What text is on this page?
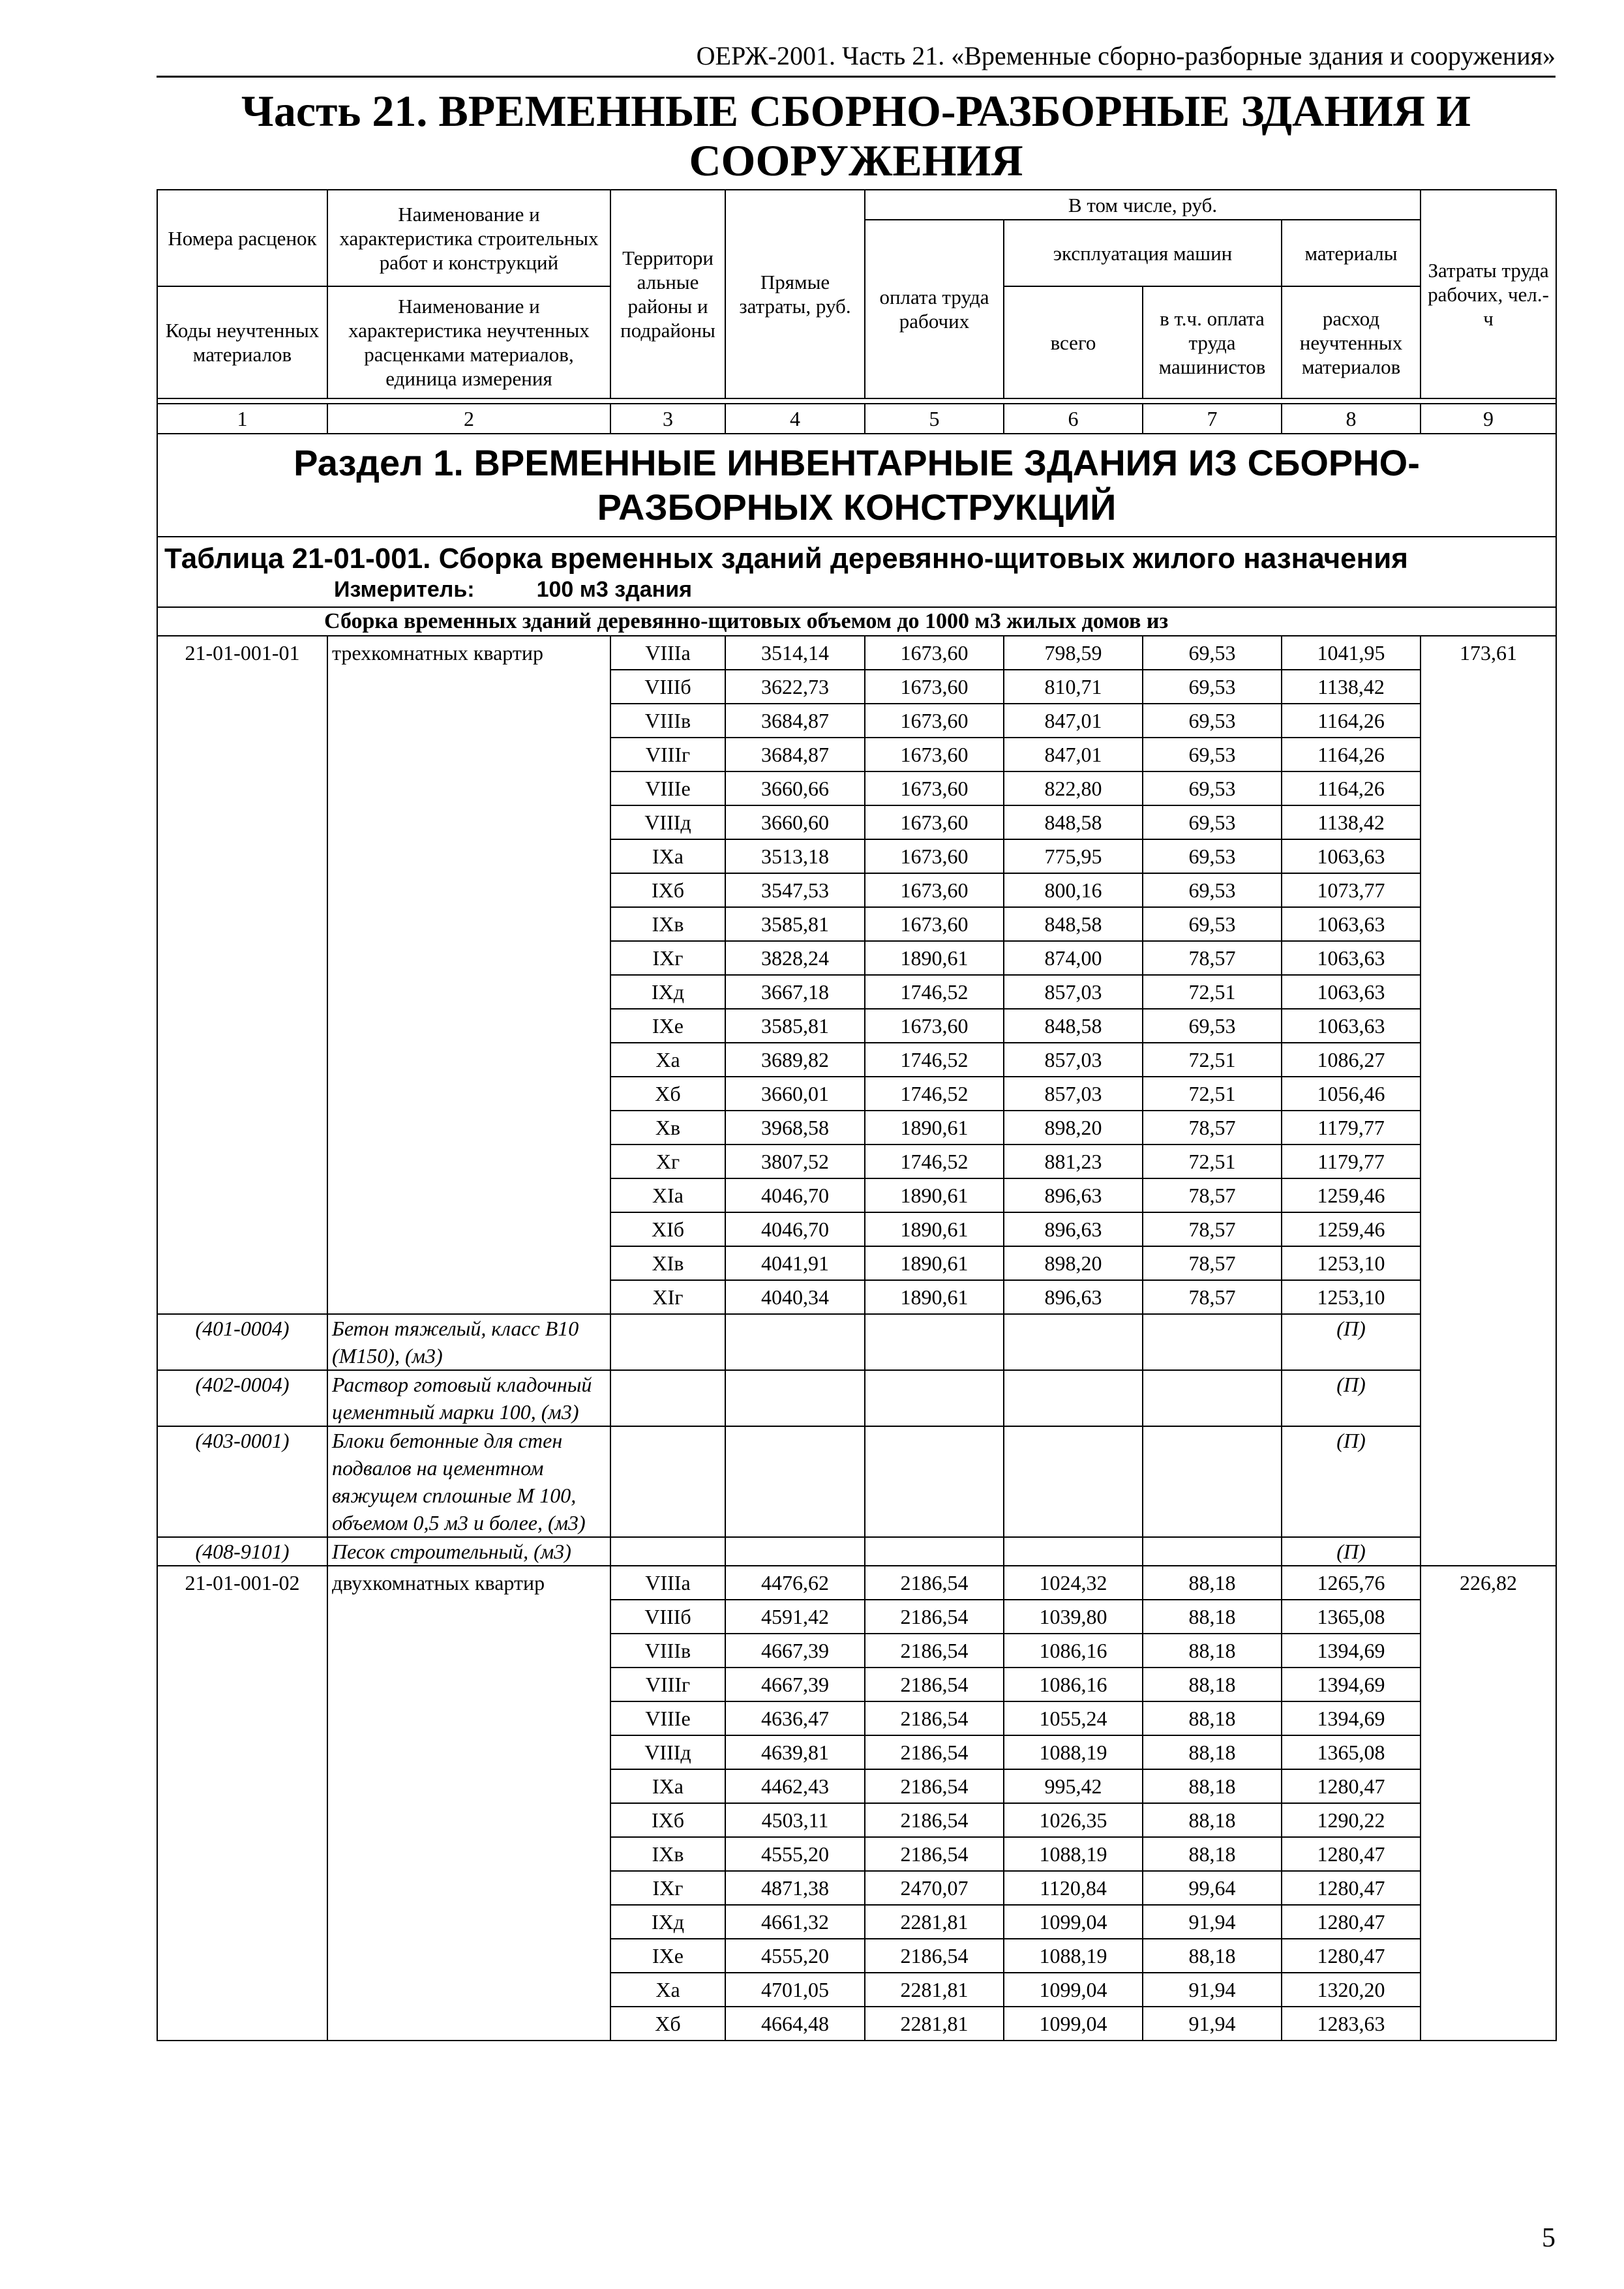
ОЕРЖ-2001. Часть 21. «Временные сборно-разборные здания и сооружения»
Часть 21. ВРЕМЕННЫЕ СБОРНО-РАЗБОРНЫЕ ЗДАНИЯ И
СООРУЖЕНИЯ
Номера расценок	Наименование и характеристика строительных работ и конструкций	Территори альные районы и подрайоны	Прямые затраты, руб.	В том числе, руб.				Затраты труда рабочих, чел.-ч
				оплата труда рабочих	эксплуатация машин		материалы	
Коды неучтенных материалов	Наименование и характеристика неучтенных расценками материалов, единица измерения				всего	в т.ч. оплата труда машинистов	расход неучтенных материалов	

1	2	3	4	5	6	7	8	9

Раздел 1. ВРЕМЕННЫЕ ИНВЕНТАРНЫЕ ЗДАНИЯ ИЗ СБОРНО-
РАЗБОРНЫХ КОНСТРУКЦИЙ								

Таблица 21-01-001. Сборка временных зданий деревянно-щитовых жилого назначения
Измеритель: 100 м3 здания								

Сборка временных зданий деревянно-щитовых объемом до 1000 м3 жилых домов из								
21-01-001-01	трехкомнатных квартир	VIIIа	3514,14	1673,60	798,59	69,53	1041,95	173,61
		VIIIб	3622,73	1673,60	810,71	69,53	1138,42	
		VIIIв	3684,87	1673,60	847,01	69,53	1164,26	
		VIIIг	3684,87	1673,60	847,01	69,53	1164,26	
		VIIIе	3660,66	1673,60	822,80	69,53	1164,26	
		VIIIд	3660,60	1673,60	848,58	69,53	1138,42	
		IXа	3513,18	1673,60	775,95	69,53	1063,63	
		IXб	3547,53	1673,60	800,16	69,53	1073,77	
		IXв	3585,81	1673,60	848,58	69,53	1063,63	
		IXг	3828,24	1890,61	874,00	78,57	1063,63	
		IXд	3667,18	1746,52	857,03	72,51	1063,63	
		IXе	3585,81	1673,60	848,58	69,53	1063,63	
		Xа	3689,82	1746,52	857,03	72,51	1086,27	
		Xб	3660,01	1746,52	857,03	72,51	1056,46	
		Xв	3968,58	1890,61	898,20	78,57	1179,77	
		Xг	3807,52	1746,52	881,23	72,51	1179,77	
		XIа	4046,70	1890,61	896,63	78,57	1259,46	
		XIб	4046,70	1890,61	896,63	78,57	1259,46	
		XIв	4041,91	1890,61	898,20	78,57	1253,10	
		XIг	4040,34	1890,61	896,63	78,57	1253,10	
(401-0004)	Бетон тяжелый, класс В10 (М150), (м3)						(П)	
(402-0004)	Раствор готовый кладочный цементный марки 100, (м3)						(П)	
(403-0001)	Блоки бетонные для стен подвалов на цементном вяжущем сплошные М 100, объемом 0,5 м3 и более, (м3)						(П)	
(408-9101)	Песок строительный, (м3)						(П)	
21-01-001-02	двухкомнатных квартир	VIIIа	4476,62	2186,54	1024,32	88,18	1265,76	226,82
		VIIIб	4591,42	2186,54	1039,80	88,18	1365,08	
		VIIIв	4667,39	2186,54	1086,16	88,18	1394,69	
		VIIIг	4667,39	2186,54	1086,16	88,18	1394,69	
		VIIIе	4636,47	2186,54	1055,24	88,18	1394,69	
		VIIIд	4639,81	2186,54	1088,19	88,18	1365,08	
		IXа	4462,43	2186,54	995,42	88,18	1280,47	
		IXб	4503,11	2186,54	1026,35	88,18	1290,22	
		IXв	4555,20	2186,54	1088,19	88,18	1280,47	
		IXг	4871,38	2470,07	1120,84	99,64	1280,47	
		IXд	4661,32	2281,81	1099,04	91,94	1280,47	
		IXе	4555,20	2186,54	1088,19	88,18	1280,47	
		Xа	4701,05	2281,81	1099,04	91,94	1320,20	
		Xб	4664,48	2281,81	1099,04	91,94	1283,63	
5
